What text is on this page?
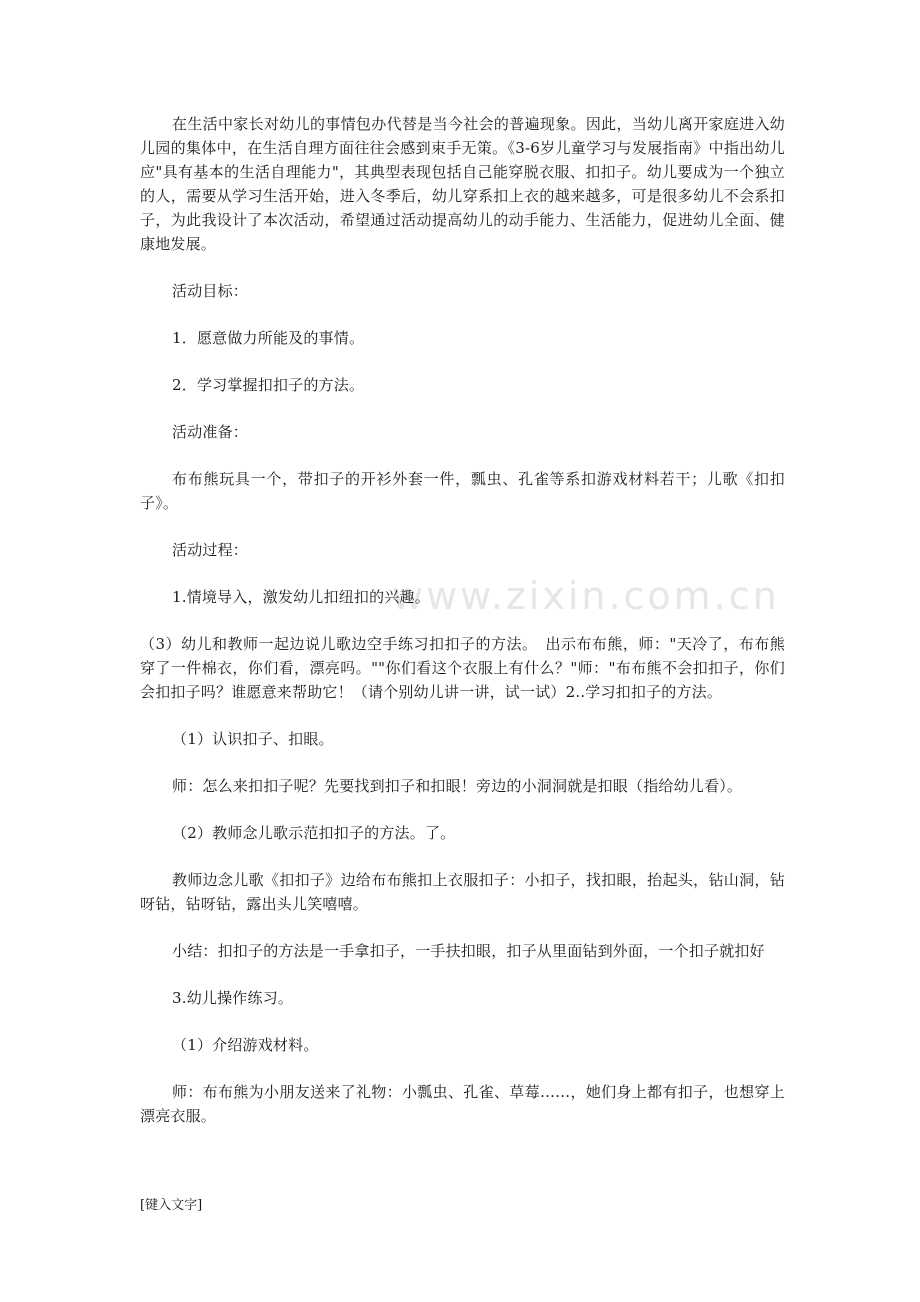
www.zixin.com.cn

在生活中家长对幼儿的事情包办代替是当今社会的普遍现象。因此，当幼儿离开家庭进入幼儿园的集体中，在生活自理方面往往会感到束手无策。《3-6岁儿童学习与发展指南》中指出幼儿应"具有基本的生活自理能力"，其典型表现包括自己能穿脱衣服、扣扣子。幼儿要成为一个独立的人，需要从学习生活开始，进入冬季后，幼儿穿系扣上衣的越来越多，可是很多幼儿不会系扣子，为此我设计了本次活动，希望通过活动提高幼儿的动手能力、生活能力，促进幼儿全面、健康地发展。

活动目标：

1．愿意做力所能及的事情。

2．学习掌握扣扣子的方法。

活动准备：

布布熊玩具一个，带扣子的开衫外套一件，瓢虫、孔雀等系扣游戏材料若干；儿歌《扣扣子》。

活动过程：

1.情境导入，激发幼儿扣纽扣的兴趣。

（3）幼儿和教师一起边说儿歌边空手练习扣扣子的方法。　出示布布熊，师："天冷了，布布熊穿了一件棉衣，你们看，漂亮吗。""你们看这个衣服上有什么？"师："布布熊不会扣扣子，你们会扣扣子吗？谁愿意来帮助它！（请个别幼儿讲一讲，试一试）2..学习扣扣子的方法。

（1）认识扣子、扣眼。

师：怎么来扣扣子呢？先要找到扣子和扣眼！旁边的小洞洞就是扣眼（指给幼儿看）。

（2）教师念儿歌示范扣扣子的方法。了。

教师边念儿歌《扣扣子》边给布布熊扣上衣服扣子：小扣子，找扣眼，抬起头，钻山洞，钻呀钻，钻呀钻，露出头儿笑嘻嘻。

小结：扣扣子的方法是一手拿扣子，一手扶扣眼，扣子从里面钻到外面，一个扣子就扣好

3.幼儿操作练习。

（1）介绍游戏材料。

师：布布熊为小朋友送来了礼物：小瓢虫、孔雀、草莓……，她们身上都有扣子，也想穿上漂亮衣服。

[键入文字]
